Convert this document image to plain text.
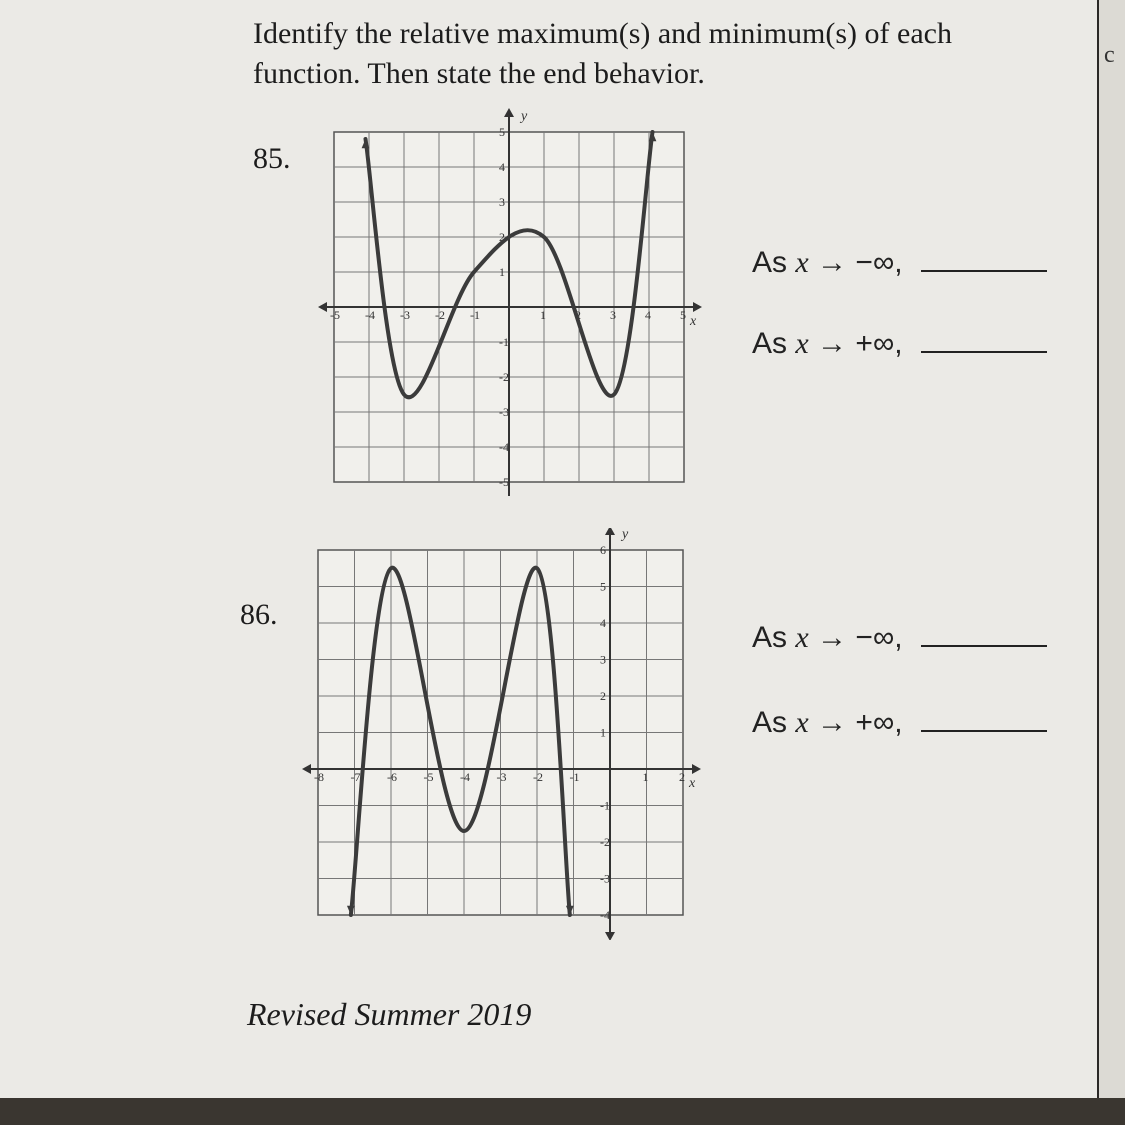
c

Identify the relative maximum(s) and minimum(s) of each function. Then state the end behavior.

85.
-5 -4 -3 -2 -1	1 2 3 4 5
5
4
3
2
1
-1
-2
-3
-4
-5
x
y
As x → −∞,
As x → +∞,
86.
-8 -7 -6 -5 -4 -3 -2 -1	1	2
6
5
4
3
2
1
-1
-2
-3
-4
x
y
As x → −∞,
As x → +∞,
Revised Summer 2019
